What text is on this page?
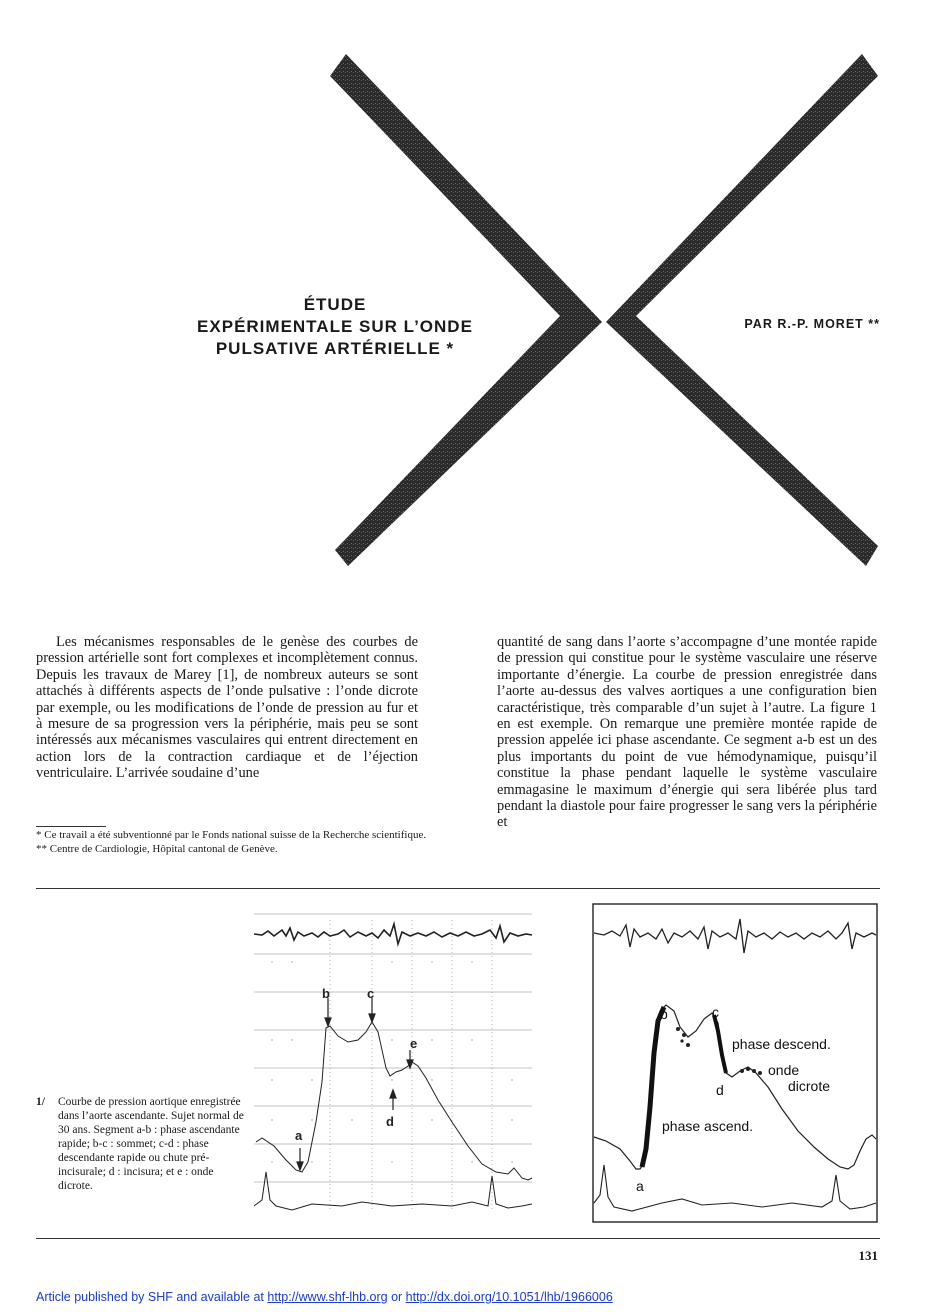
ÉTUDE
EXPÉRIMENTALE SUR L’ONDE
PULSATIVE ARTÉRIELLE *
PAR R.-P. MORET **

Les mécanismes responsables de le genèse des courbes de pression artérielle sont fort complexes et incomplètement connus. Depuis les travaux de Marey [1], de nombreux auteurs se sont attachés à différents aspects de l’onde pulsative : l’onde dicrote par exemple, ou les modifications de l’onde de pression au fur et à mesure de sa progression vers la périphérie, mais peu se sont intéressés aux mécanismes vasculaires qui entrent directement en action lors de la contraction cardiaque et de l’éjection ventriculaire. L’arrivée soudaine d’une

quantité de sang dans l’aorte s’accompagne d’une montée rapide de pression qui constitue pour le système vasculaire une réserve importante d’énergie. La courbe de pression enregistrée dans l’aorte au-dessus des valves aortiques a une configuration bien caractéristique, très comparable d’un sujet à l’autre. La figure 1 en est exemple. On remarque une première montée rapide de pression appelée ici phase ascendante. Ce segment a-b est un des plus importants du point de vue hémodynamique, puisqu’il constitue la phase pendant laquelle le système vasculaire emmagasine le maximum d’énergie qui sera libérée plus tard pendant la diastole pour faire progresser le sang vers la périphérie et

* Ce travail a été subventionné par le Fonds national suisse de la Recherche scientifique.
** Centre de Cardiologie, Hôpital cantonal de Genève.
b	c
e
d
a
b	c
phase descend.
d
onde
dicrote
phase ascend.
a
1/ Courbe de pression aortique enregistrée dans l’aorte ascendante. Sujet normal de 30 ans. Segment a-b : phase ascendante rapide; b-c : sommet; c-d : phase descendante rapide ou chute pré-incisurale; d : incisura; et e : onde dicrote.
131
Article published by SHF and available at http://www.shf-lhb.org or http://dx.doi.org/10.1051/lhb/1966006
